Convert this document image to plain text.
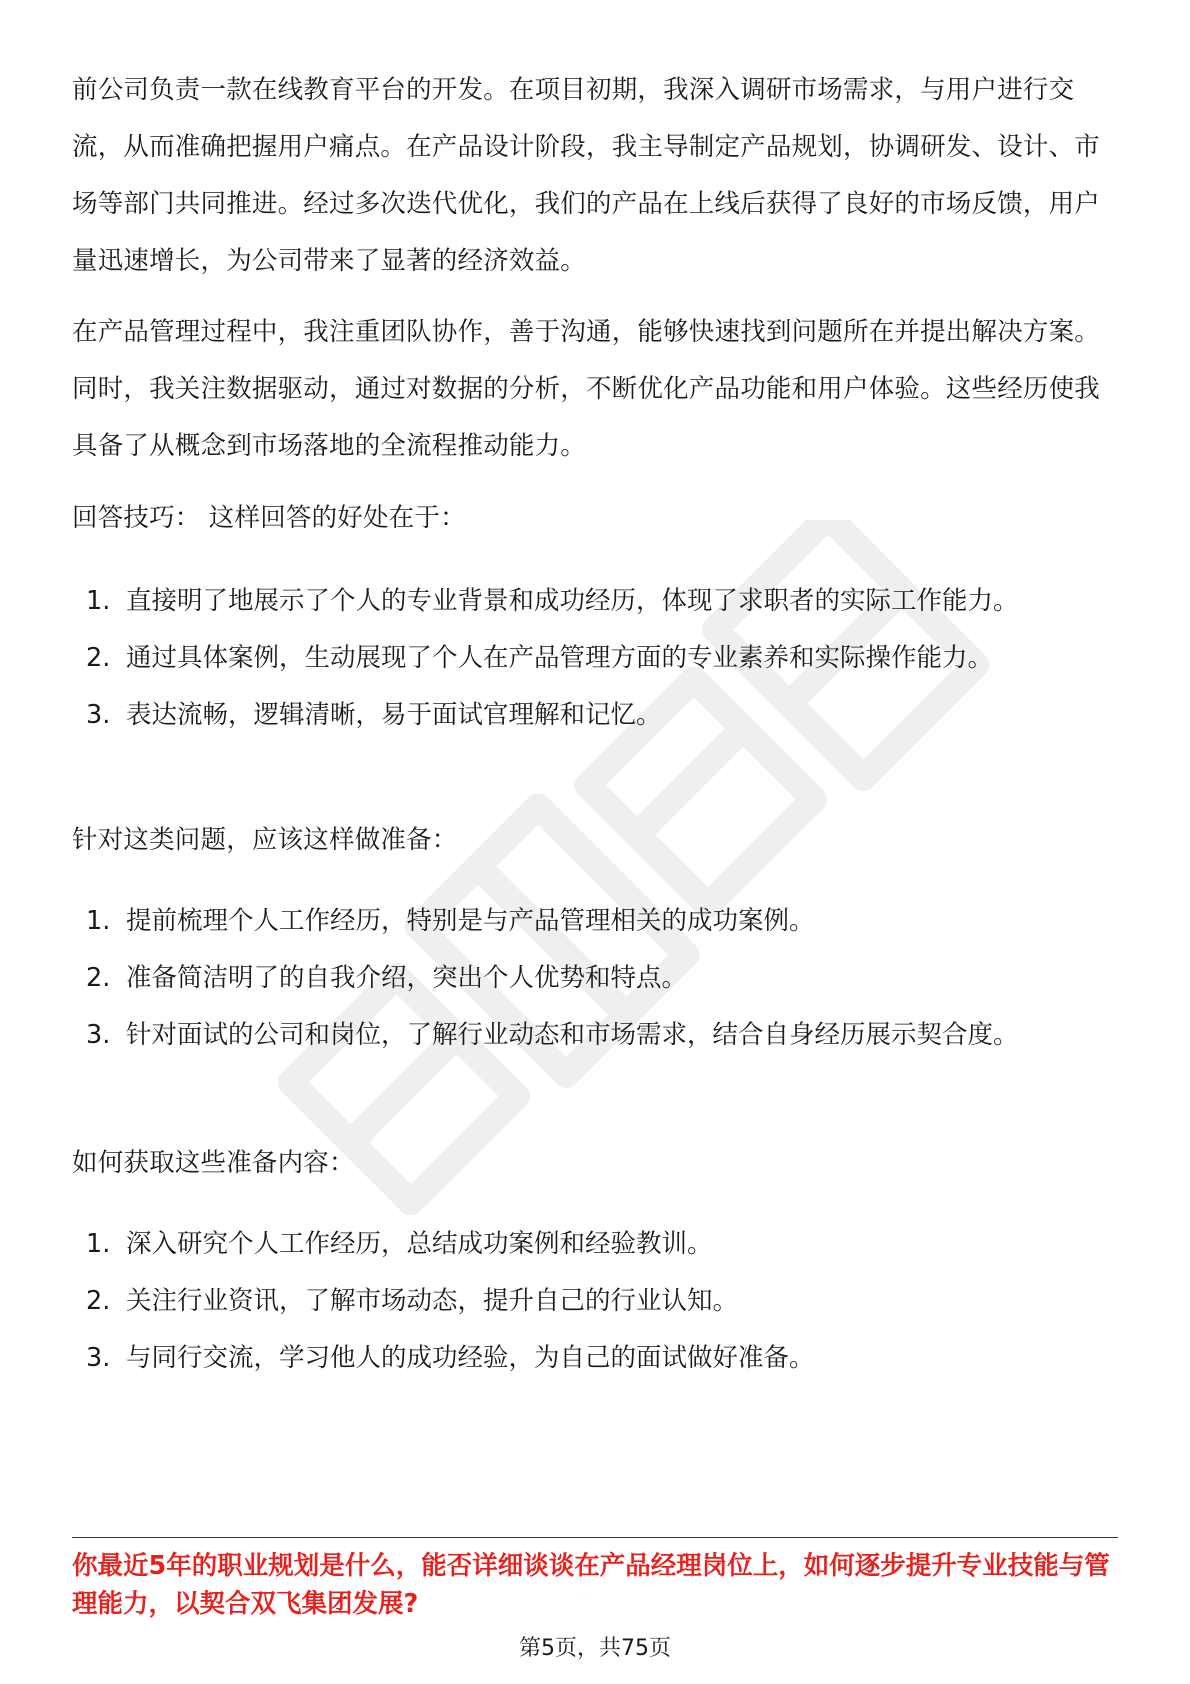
前公司负责一款在线教育平台的开发。在项目初期，我深入调研市场需求，与用户进行交流，从而准确把握用户痛点。在产品设计阶段，我主导制定产品规划，协调研发、设计、市场等部门共同推进。经过多次迭代优化，我们的产品在上线后获得了良好的市场反馈，用户量迅速增长，为公司带来了显著的经济效益。

在产品管理过程中，我注重团队协作，善于沟通，能够快速找到问题所在并提出解决方案。同时，我关注数据驱动，通过对数据的分析，不断优化产品功能和用户体验。这些经历使我具备了从概念到市场落地的全流程推动能力。

回答技巧： 这样回答的好处在于：

1. 直接明了地展示了个人的专业背景和成功经历，体现了求职者的实际工作能力。
2. 通过具体案例，生动展现了个人在产品管理方面的专业素养和实际操作能力。
3. 表达流畅，逻辑清晰，易于面试官理解和记忆。

针对这类问题，应该这样做准备：

1. 提前梳理个人工作经历，特别是与产品管理相关的成功案例。
2. 准备简洁明了的自我介绍，突出个人优势和特点。
3. 针对面试的公司和岗位，了解行业动态和市场需求，结合自身经历展示契合度。

如何获取这些准备内容：

1. 深入研究个人工作经历，总结成功案例和经验教训。
2. 关注行业资讯，了解市场动态，提升自己的行业认知。
3. 与同行交流，学习他人的成功经验，为自己的面试做好准备。

你最近5年的职业规划是什么，能否详细谈谈在产品经理岗位上，如何逐步提升专业技能与管理能力，以契合双飞集团发展?

第5页，共75页
